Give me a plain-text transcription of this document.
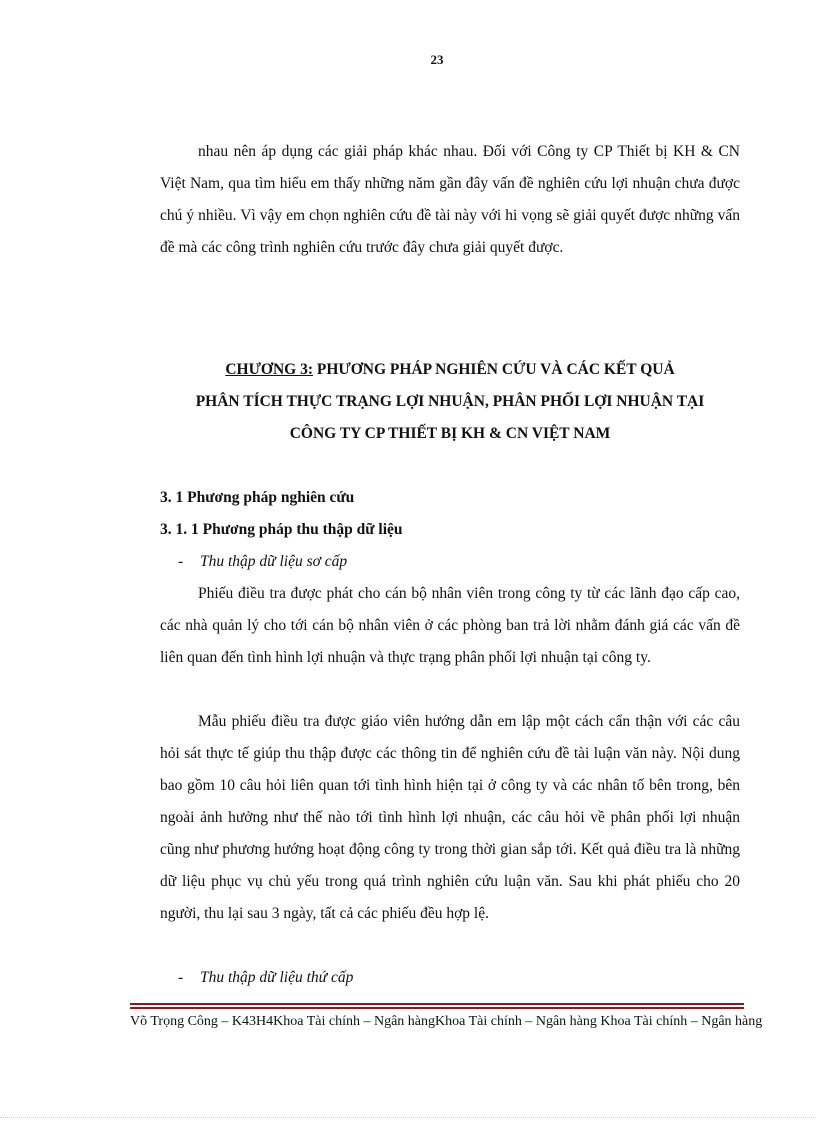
23

nhau nên áp dụng các giải pháp khác nhau. Đối với Công ty CP Thiết bị KH & CN Việt Nam, qua tìm hiểu em thấy những năm gần đây vấn đề nghiên cứu lợi nhuận chưa được chú ý nhiều. Vì vậy em chọn nghiên cứu đề tài này với hi vọng sẽ giải quyết được những vấn đề mà các công trình nghiên cứu trước đây chưa giải quyết được.

CHƯƠNG 3: PHƯƠNG PHÁP NGHIÊN CỨU VÀ CÁC KẾT QUẢ
PHÂN TÍCH THỰC TRẠNG LỢI NHUẬN, PHÂN PHỐI LỢI NHUẬN TẠI
CÔNG TY CP THIẾT BỊ KH & CN VIỆT NAM
3. 1 Phương pháp nghiên cứu
3. 1. 1 Phương pháp thu thập dữ liệu
- Thu thập dữ liệu sơ cấp

Phiếu điều tra được phát cho cán bộ nhân viên trong công ty từ các lãnh đạo cấp cao, các nhà quản lý cho tới cán bộ nhân viên ở các phòng ban trả lời nhằm đánh giá các vấn đề liên quan đến tình hình lợi nhuận và thực trạng phân phối lợi nhuận tại công ty.

Mẫu phiếu điều tra được giáo viên hướng dẫn em lập một cách cẩn thận với các câu hỏi sát thực tế giúp thu thập được các thông tin để nghiên cứu đề tài luận văn này. Nội dung bao gồm 10 câu hỏi liên quan tới tình hình hiện tại ở công ty và các nhân tố bên trong, bên ngoài ảnh hưởng như thế nào tới tình hình lợi nhuận, các câu hỏi về phân phối lợi nhuận cũng như phương hướng hoạt động công ty trong thời gian sắp tới. Kết quả điều tra là những dữ liệu phục vụ chủ yếu trong quá trình nghiên cứu luận văn. Sau khi phát phiếu cho 20 người, thu lại sau 3 ngày, tất cả các phiếu đều hợp lệ.

- Thu thập dữ liệu thứ cấp
Võ Trọng Công – K43H4Khoa Tài chính – Ngân hàngKhoa Tài chính – Ngân hàng Khoa Tài chính – Ngân hàng
